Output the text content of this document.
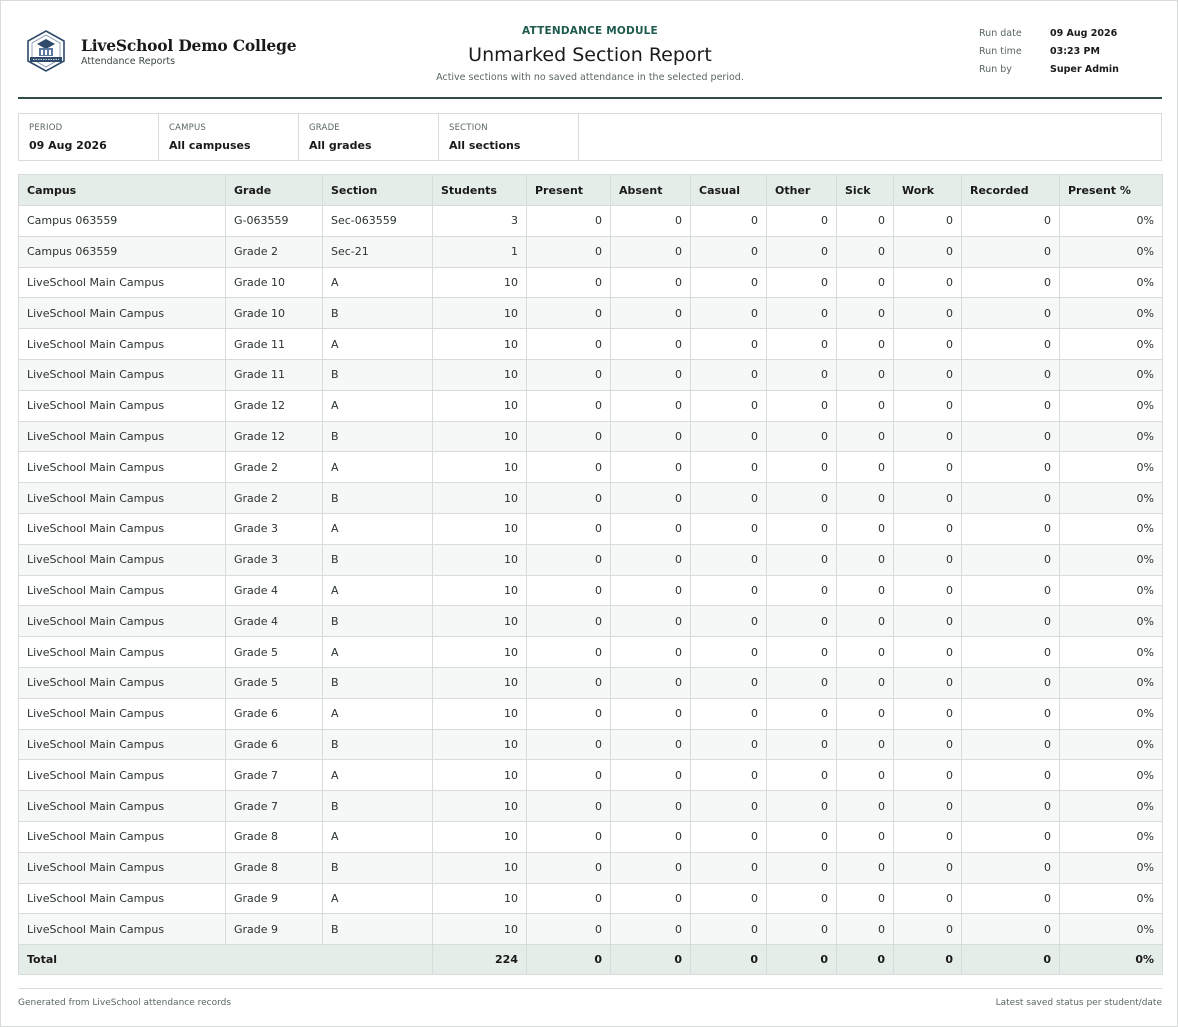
LiveSchool Demo College
Attendance Reports
ATTENDANCE MODULE
Unmarked Section Report
Active sections with no saved attendance in the selected period.
Run date	09 Aug 2026
Run time	03:23 PM
Run by	Super Admin
PERIOD
09 Aug 2026
CAMPUS
All campuses
GRADE
All grades
SECTION
All sections
Campus	Grade	Section	Students	Present	Absent	Casual	Other	Sick	Work	Recorded	Present %
Campus 063559	G-063559	Sec-063559	3	0	0	0	0	0	0	0	0%
Campus 063559	Grade 2	Sec-21	1	0	0	0	0	0	0	0	0%
LiveSchool Main Campus	Grade 10	A	10	0	0	0	0	0	0	0	0%
LiveSchool Main Campus	Grade 10	B	10	0	0	0	0	0	0	0	0%
LiveSchool Main Campus	Grade 11	A	10	0	0	0	0	0	0	0	0%
LiveSchool Main Campus	Grade 11	B	10	0	0	0	0	0	0	0	0%
LiveSchool Main Campus	Grade 12	A	10	0	0	0	0	0	0	0	0%
LiveSchool Main Campus	Grade 12	B	10	0	0	0	0	0	0	0	0%
LiveSchool Main Campus	Grade 2	A	10	0	0	0	0	0	0	0	0%
LiveSchool Main Campus	Grade 2	B	10	0	0	0	0	0	0	0	0%
LiveSchool Main Campus	Grade 3	A	10	0	0	0	0	0	0	0	0%
LiveSchool Main Campus	Grade 3	B	10	0	0	0	0	0	0	0	0%
LiveSchool Main Campus	Grade 4	A	10	0	0	0	0	0	0	0	0%
LiveSchool Main Campus	Grade 4	B	10	0	0	0	0	0	0	0	0%
LiveSchool Main Campus	Grade 5	A	10	0	0	0	0	0	0	0	0%
LiveSchool Main Campus	Grade 5	B	10	0	0	0	0	0	0	0	0%
LiveSchool Main Campus	Grade 6	A	10	0	0	0	0	0	0	0	0%
LiveSchool Main Campus	Grade 6	B	10	0	0	0	0	0	0	0	0%
LiveSchool Main Campus	Grade 7	A	10	0	0	0	0	0	0	0	0%
LiveSchool Main Campus	Grade 7	B	10	0	0	0	0	0	0	0	0%
LiveSchool Main Campus	Grade 8	A	10	0	0	0	0	0	0	0	0%
LiveSchool Main Campus	Grade 8	B	10	0	0	0	0	0	0	0	0%
LiveSchool Main Campus	Grade 9	A	10	0	0	0	0	0	0	0	0%
LiveSchool Main Campus	Grade 9	B	10	0	0	0	0	0	0	0	0%
Total			224	0	0	0	0	0	0	0	0%
Generated from LiveSchool attendance records	Latest saved status per student/date
